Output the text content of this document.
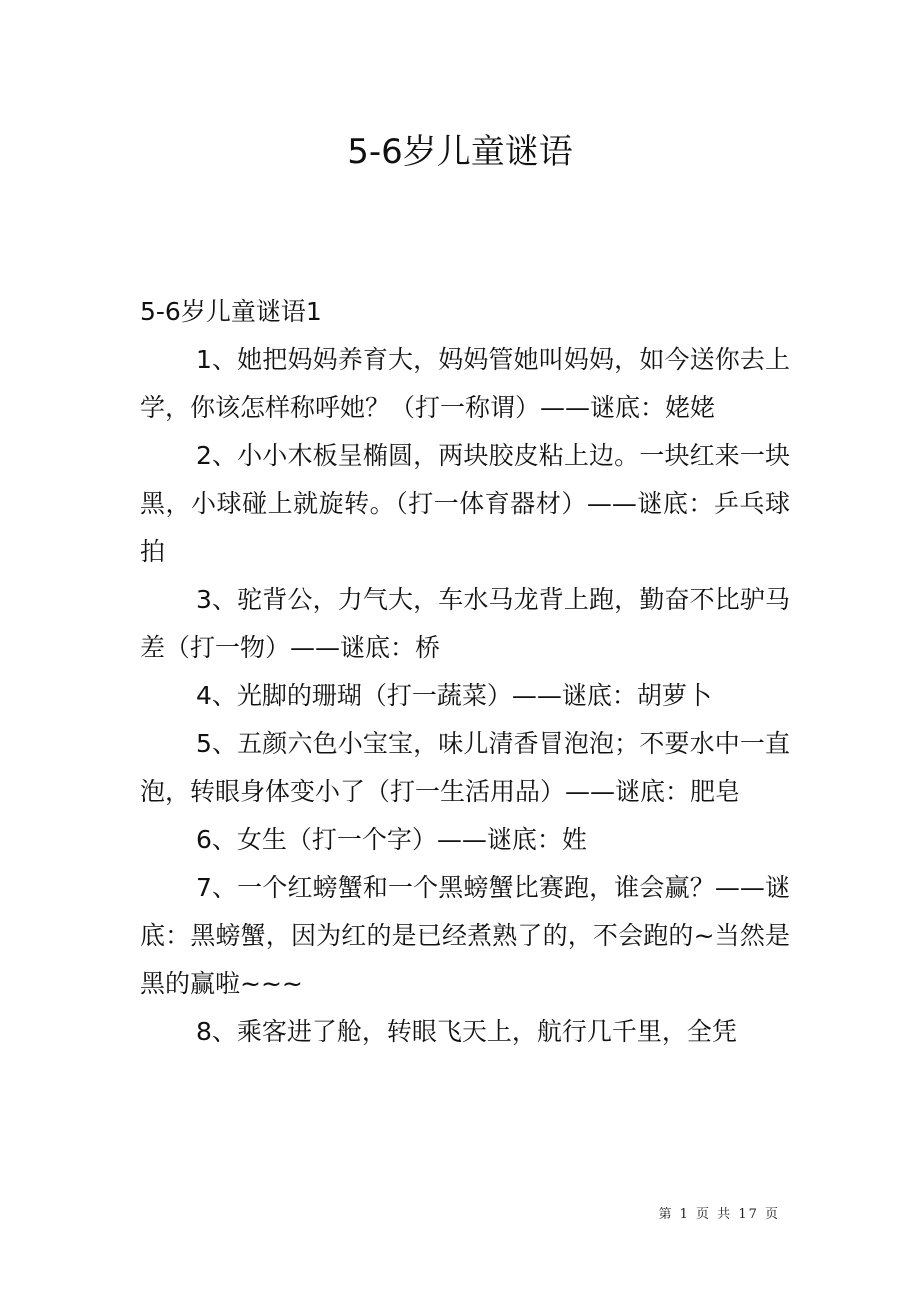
5-6岁儿童谜语

5-6岁儿童谜语1

1、她把妈妈养育大，妈妈管她叫妈妈，如今送你去上学，你该怎样称呼她？（打一称谓）——谜底：姥姥

2、小小木板呈椭圆，两块胶皮粘上边。一块红来一块黑，小球碰上就旋转。（打一体育器材）——谜底：乒乓球拍

3、驼背公，力气大，车水马龙背上跑，勤奋不比驴马差（打一物）——谜底：桥

4、光脚的珊瑚（打一蔬菜）——谜底：胡萝卜

5、五颜六色小宝宝，味儿清香冒泡泡；不要水中一直泡，转眼身体变小了（打一生活用品）——谜底：肥皂

6、女生（打一个字）——谜底：姓

7、一个红螃蟹和一个黑螃蟹比赛跑，谁会赢？——谜底：黑螃蟹，因为红的是已经煮熟了的，不会跑的~当然是黑的赢啦~~~

8、乘客进了舱，转眼飞天上，航行几千里，全凭

第 1 页 共 17 页
